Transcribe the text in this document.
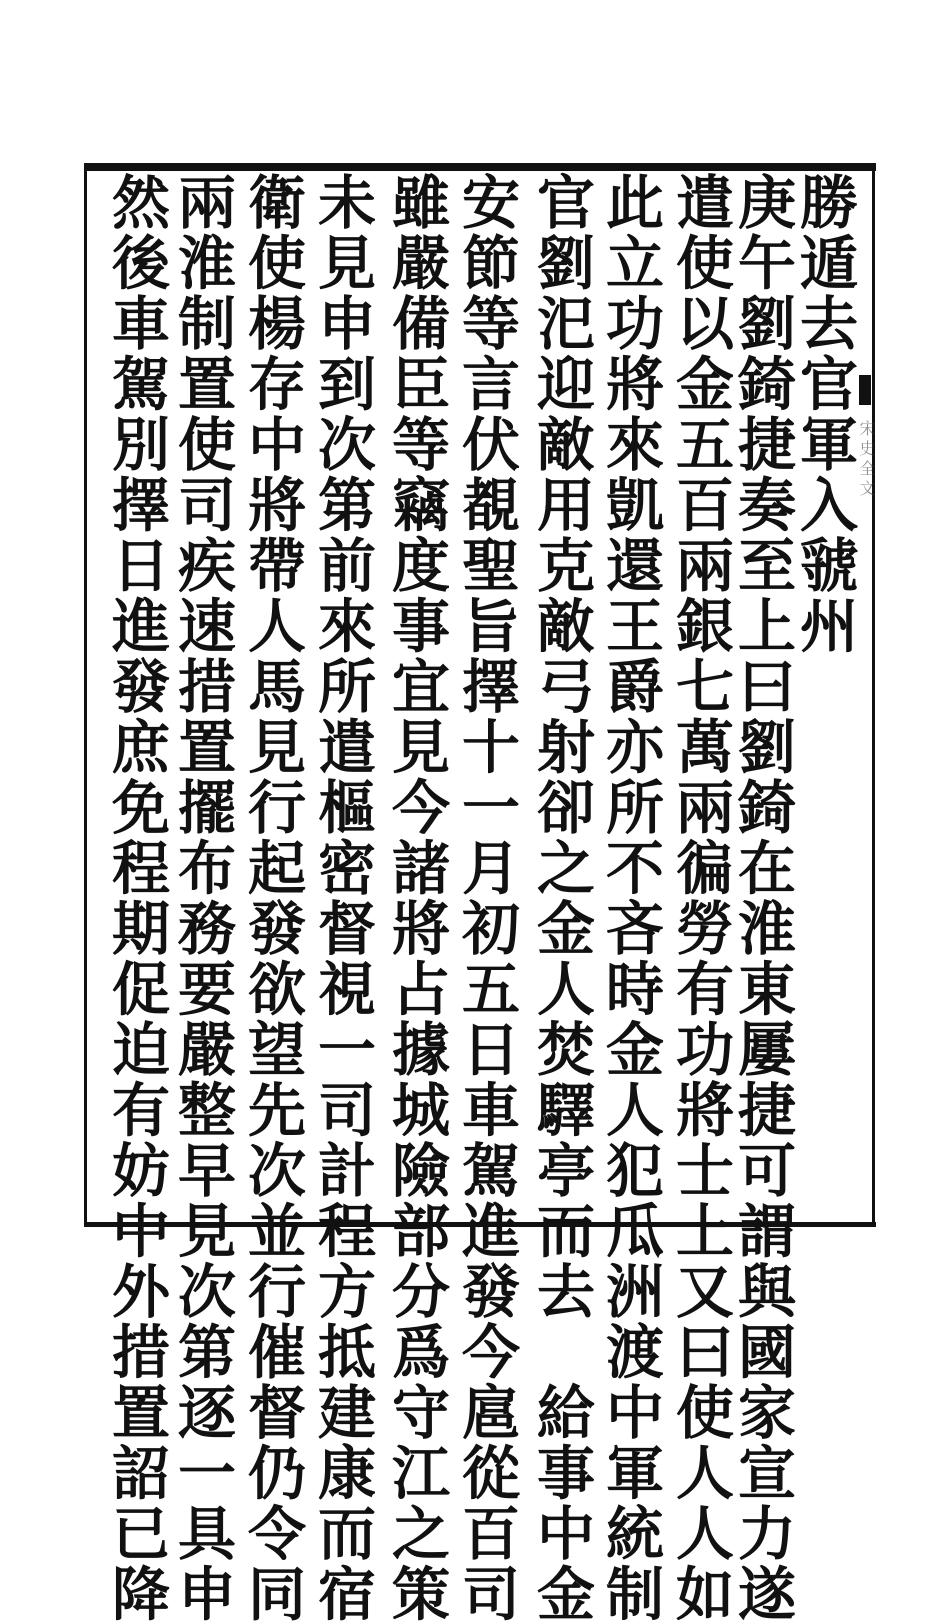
宋史全文
勝遁去官軍入虢州
庚午劉錡捷奏至上曰劉錡在淮東屢捷可謂與國家宣力遂
遣使以金五百兩銀七萬兩徧勞有功將士上又曰使人人如
此立功將來凱還王爵亦所不吝時金人犯瓜洲渡中軍統制
官劉汜迎敵用克敵弓射卻之金人焚驛亭而去　給事中金
安節等言伏覩聖旨擇十一月初五日車駕進發今扈從百司
雖嚴備臣等竊度事宜見今諸將占據城險部分爲守江之策
未見申到次第前來所遣樞密督視一司計程方抵建康而宿
衛使楊存中將帶人馬見行起發欲望先次並行催督仍令同
兩淮制置使司疾速措置擺布務要嚴整早見次第逐一具申
然後車駕別擇日進發庶免程期促迫有妨中外措置詔已降
